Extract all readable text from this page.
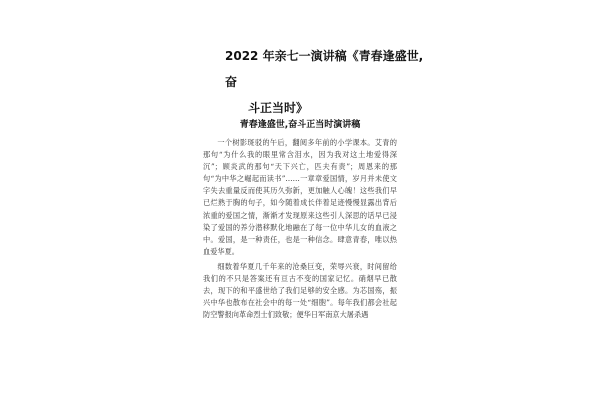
2022 年亲七一演讲稿《青春逢盛世,奋
斗正当时》
青春逢盛世,奋斗正当时演讲稿

一个树影斑驳的午后，翻阅多年前的小学课本。艾青的那句“为什么我的眼里常含泪水，因为我对这土地爱得深沉”；顾炎武的那句“天下兴亡，匹夫有责”；周恩来的那句“为中华之崛起而读书”……一章章爱国情，岁月并未使文字失去重量反而使其历久弥新，更加触人心魄！这些我们早已烂熟于胸的句子，如今随着成长伴着足迹慢慢显露出背后浓重的爱国之情，渐渐才发现原来这些引人深思的话早已浸染了爱国的养分潜移默化地融在了每一位中华儿女的血液之中。爱国，是一种责任，也是一种信念。肆意青春，唯以热血爱华夏。

细数着华夏几千年来的沧桑巨变，荣辱兴衰，时间留给我们的不只是答案还有亘古不变的国家记忆。硝烟早已散去，现下的和平盛世给了我们足够的安全感。为芯国殇，振兴中华也散布在社会中的每一处“细胞”。每年我们都会社起防空警报向革命烈士们致敬；便华日军南京大屠杀遇
